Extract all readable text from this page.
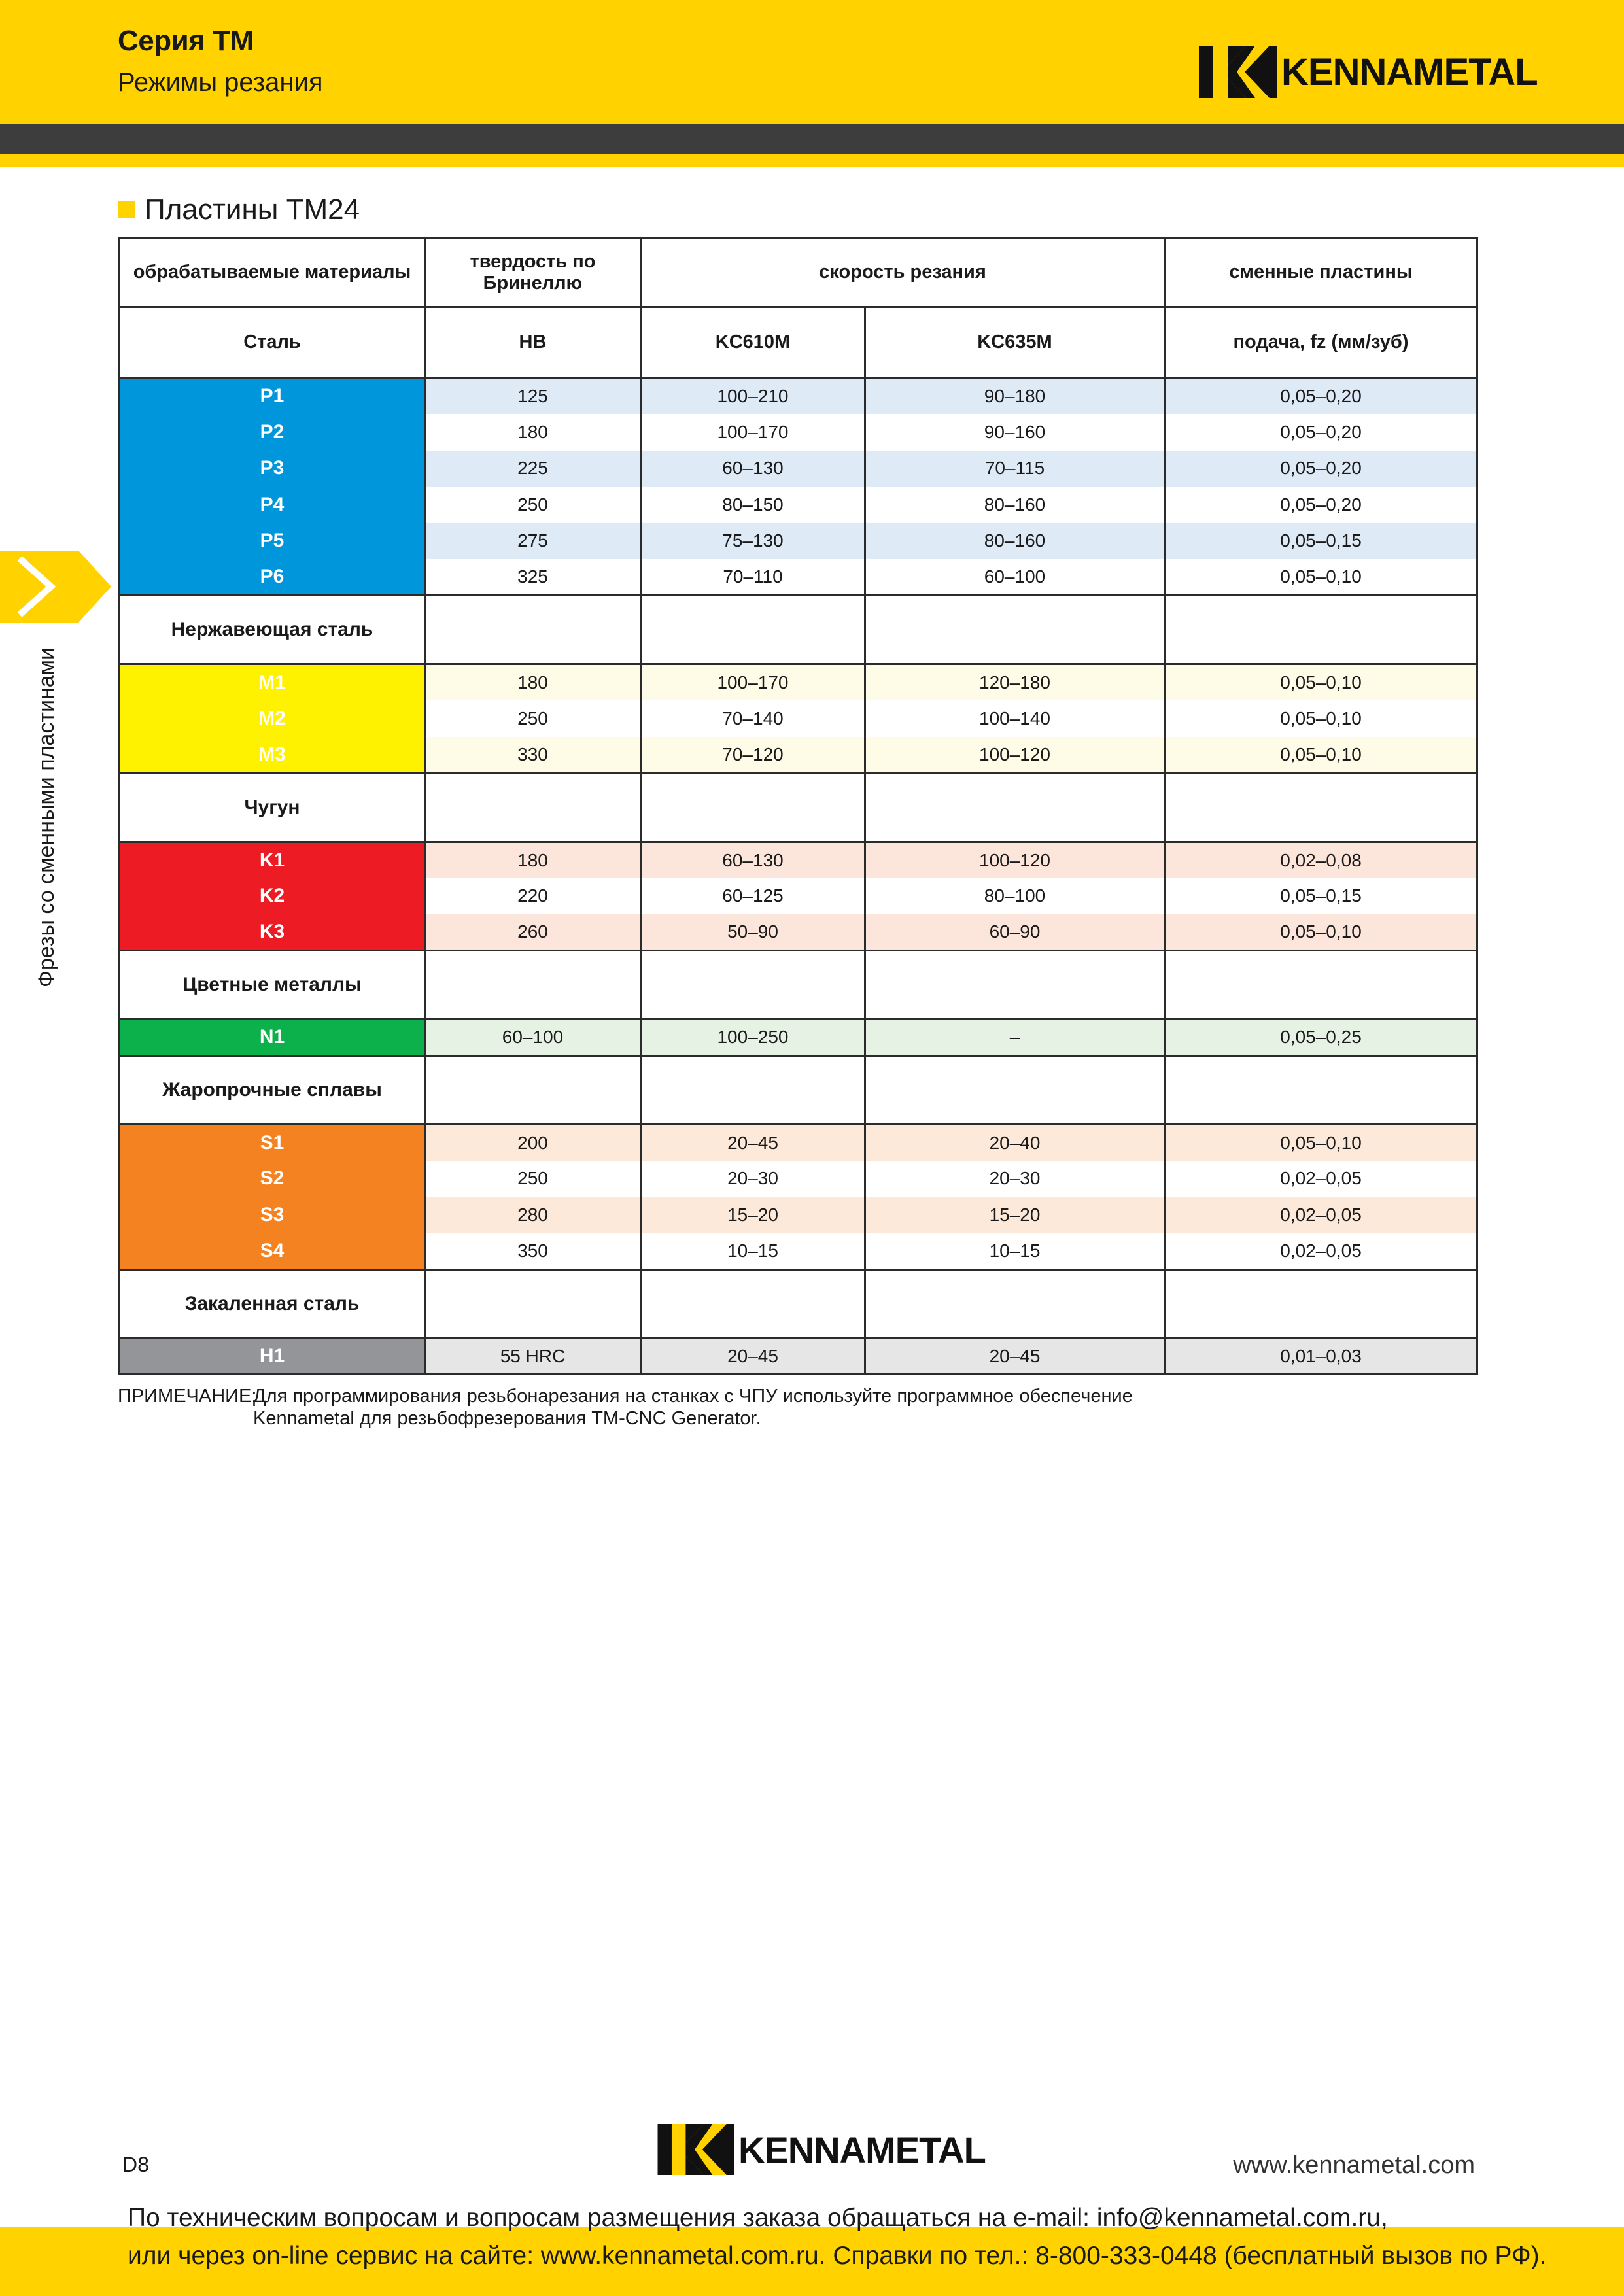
Серия TM
Режимы резания	KENNAMETAL
Фрезы со сменными пластинами
Пластины TM24
обрабатываемые материалы	твердость по Бринеллю	скорость резания		сменные пластины
Сталь	HB	KC610M	KC635M	подача, fz (мм/зуб)
P1	125	100–210	90–180	0,05–0,20
P2	180	100–170	90–160	0,05–0,20
P3	225	60–130	70–115	0,05–0,20
P4	250	80–150	80–160	0,05–0,20
P5	275	75–130	80–160	0,05–0,15
P6	325	70–110	60–100	0,05–0,10
Нержавеющая сталь				
M1	180	100–170	120–180	0,05–0,10
M2	250	70–140	100–140	0,05–0,10
M3	330	70–120	100–120	0,05–0,10
Чугун				
K1	180	60–130	100–120	0,02–0,08
K2	220	60–125	80–100	0,05–0,15
K3	260	50–90	60–90	0,05–0,10
Цветные металлы				
N1	60–100	100–250	–	0,05–0,25
Жаропрочные сплавы				
S1	200	20–45	20–40	0,05–0,10
S2	250	20–30	20–30	0,02–0,05
S3	280	15–20	15–20	0,02–0,05
S4	350	10–15	10–15	0,02–0,05
Закаленная сталь				
H1	55 HRC	20–45	20–45	0,01–0,03
ПРИМЕЧАНИЕ:
Для программирования резьбонарезания на станках с ЧПУ используйте программное обеспечение Kennametal для резьбофрезерования TM-CNC Generator.
D8	KENNAMETAL	www.kennametal.com
По техническим вопросам и вопросам размещения заказа обращаться на e-mail: info@kennametal.com.ru,
или через on-line сервис на сайте: www.kennametal.com.ru. Справки по тел.: 8-800-333-0448 (бесплатный вызов по РФ).
